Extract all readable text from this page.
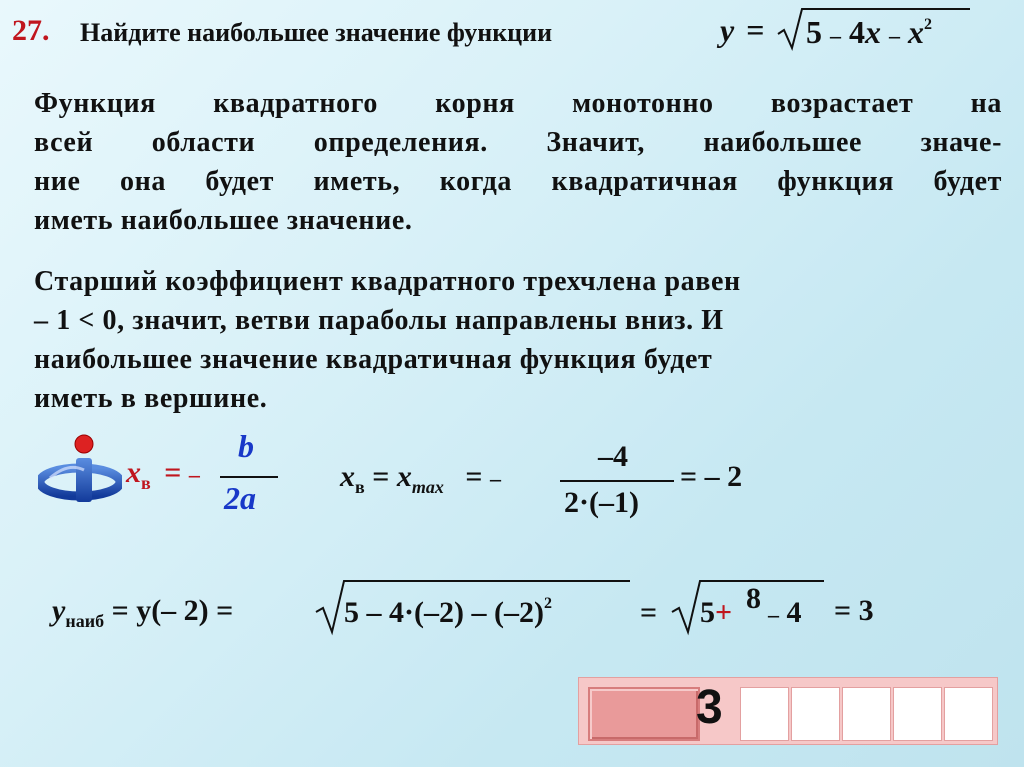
27. Найдите наибольшее значение функции	$y = 5 - 4x - x^2$
Функция квадратного корня монотонно возрастает на
всей области определения. Значит, наибольшее значе-
ние она будет иметь, когда квадратичная функция будет
иметь наибольшее значение.
Старший коэффициент квадратного трехчлена равен
– 1 < 0, значит, ветви параболы направлены вниз. И
наибольшее значение квадратичная функция будет
иметь в вершине.
$x_в$ = –
b
2a
$x_в = x_{max}$ = –
–4
2·(–1)
= – 2
$y_{наиб} = y(-$ 2) =	$5 - 4\cdot(-2) - (-2)^2$	= 5+ 8 – 4 = 3
3
